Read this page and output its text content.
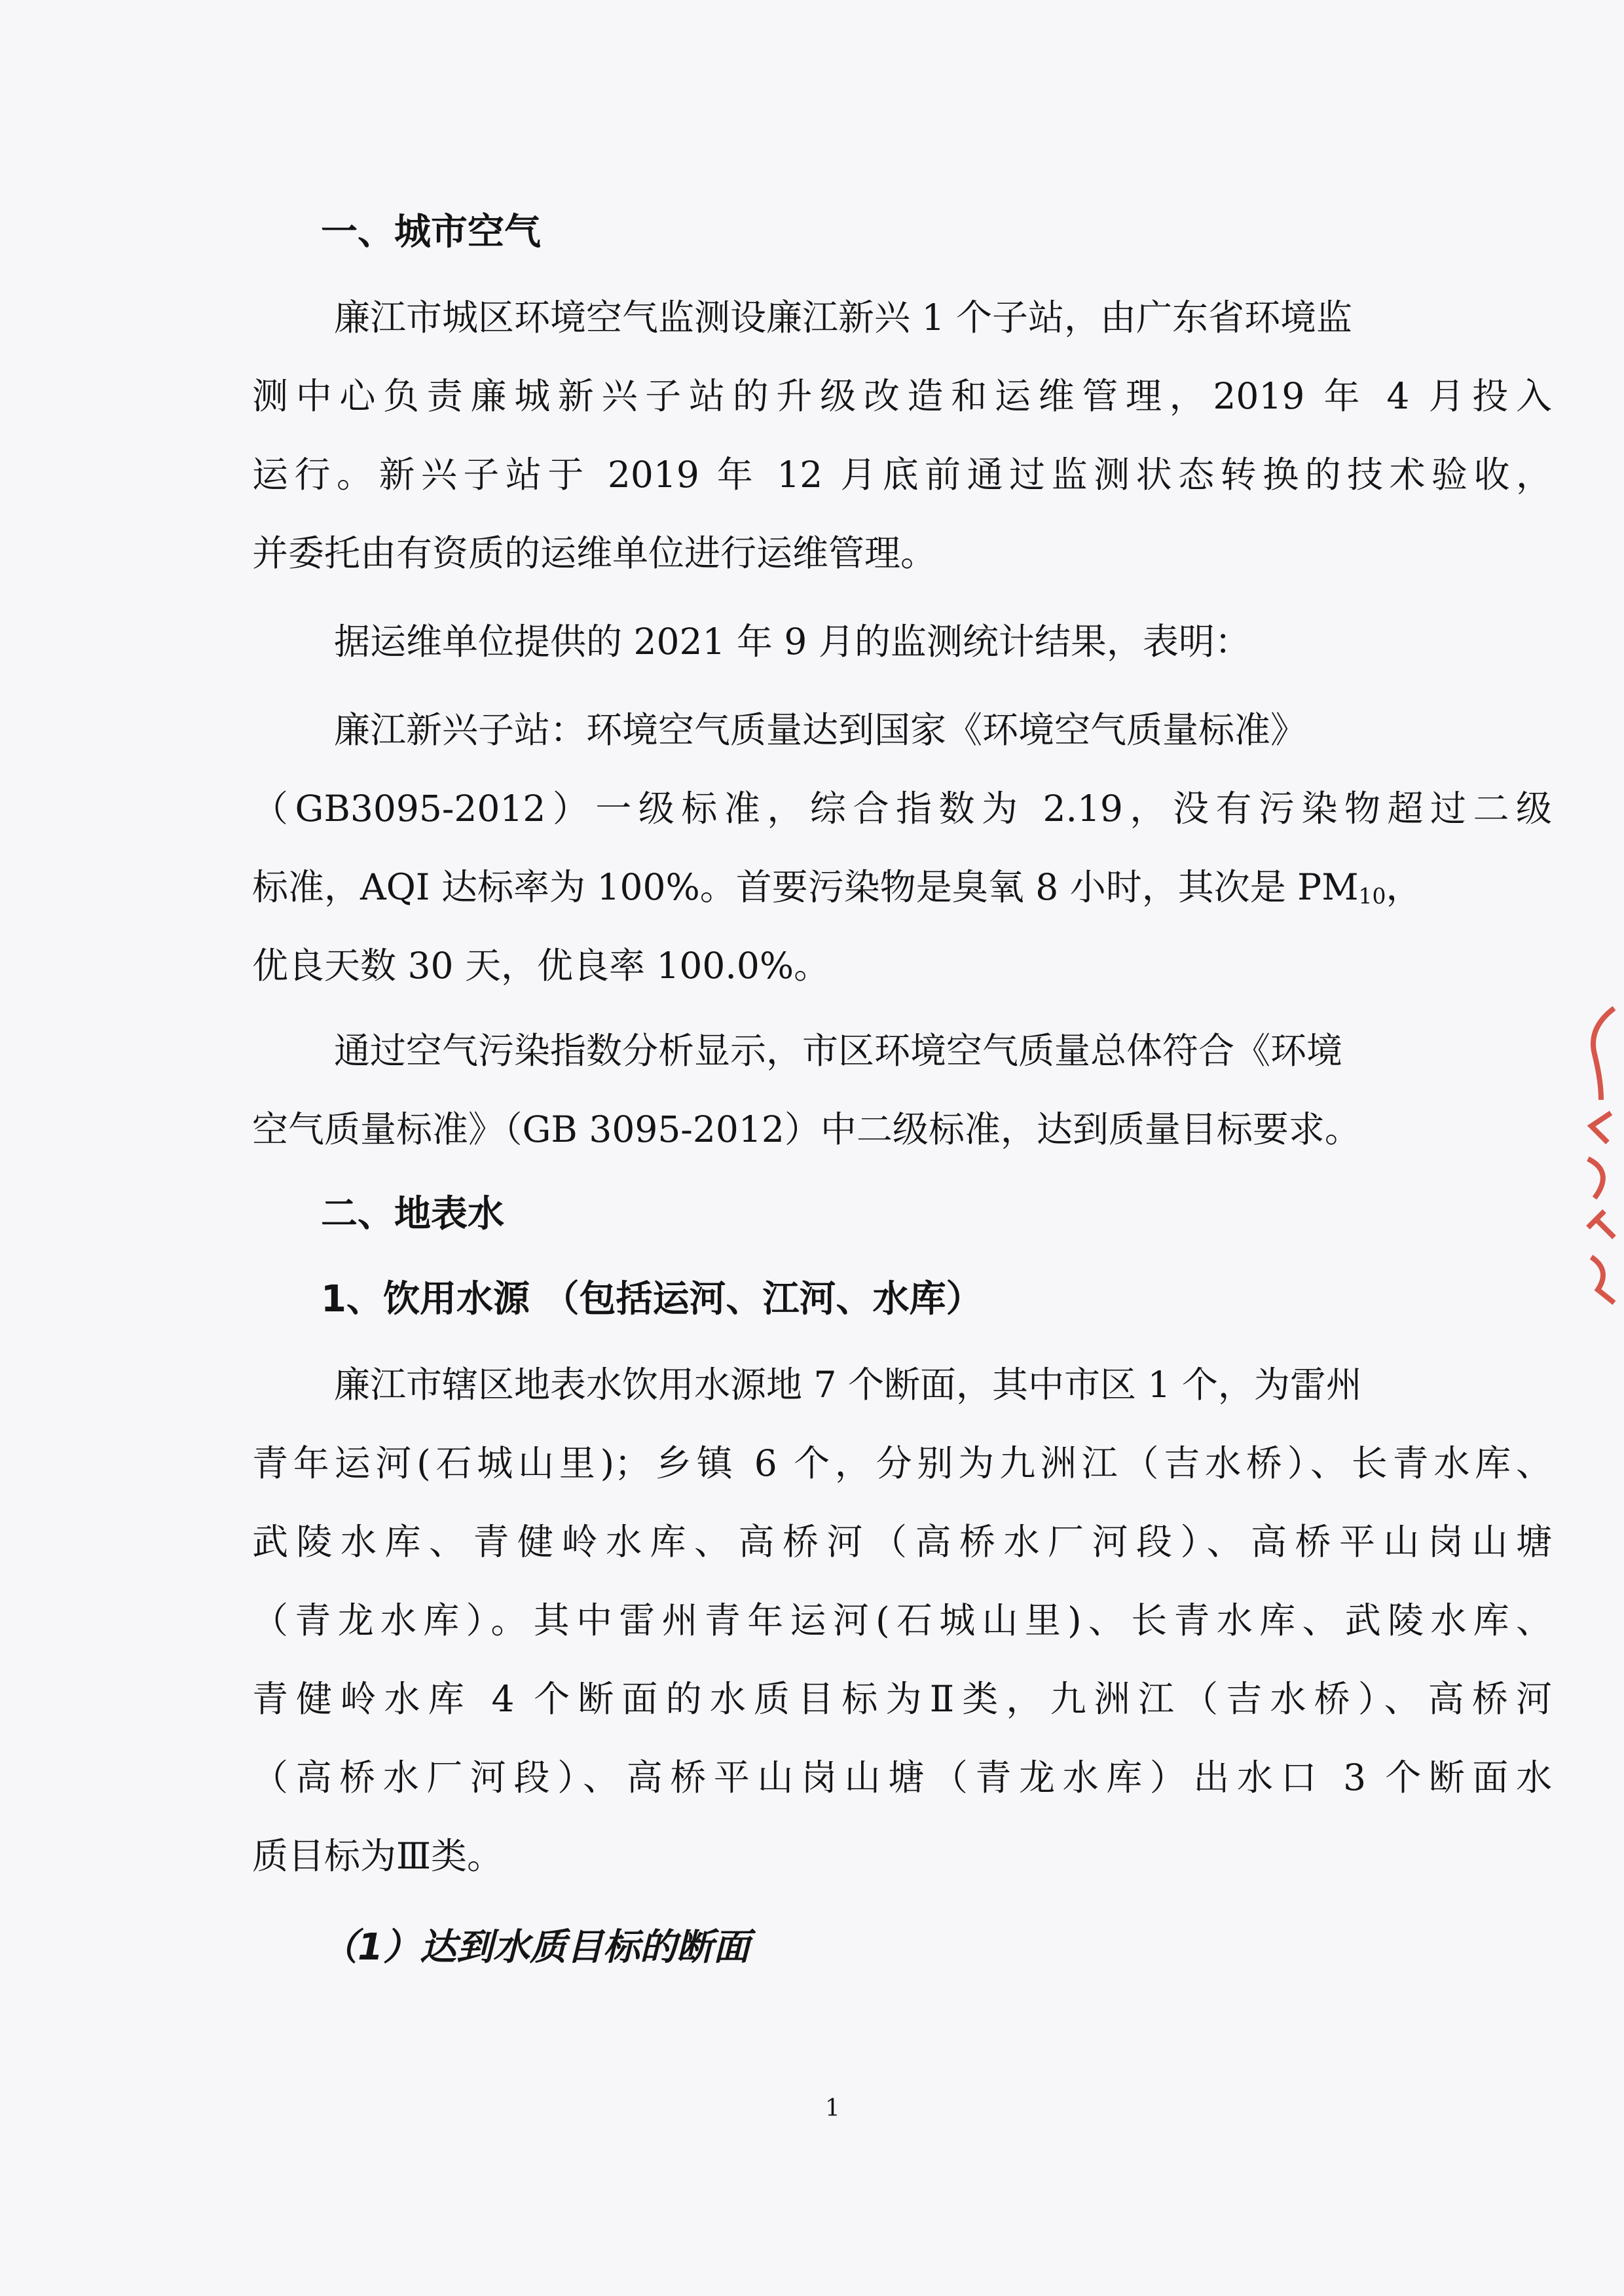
一、城市空气
廉江市城区环境空气监测设廉江新兴 1 个子站，由广东省环境监
测中心负责廉城新兴子站的升级改造和运维管理，2019 年 4 月投入
运行。新兴子站于 2019 年 12 月底前通过监测状态转换的技术验收，
并委托由有资质的运维单位进行运维管理。
据运维单位提供的 2021 年 9 月的监测统计结果，表明：
廉江新兴子站：环境空气质量达到国家《环境空气质量标准》
（GB3095-2012）一级标准，综合指数为 2.19，没有污染物超过二级
标准，AQI 达标率为 100%。首要污染物是臭氧 8 小时，其次是 $PM_{10}$，
优良天数 30 天，优良率 100.0%。
通过空气污染指数分析显示，市区环境空气质量总体符合《环境
空气质量标准》（GB 3095-2012）中二级标准，达到质量目标要求。
二、地表水
1、饮用水源 （包括运河、江河、水库）
廉江市辖区地表水饮用水源地 7 个断面，其中市区 1 个，为雷州
青年运河(石城山里)；乡镇 6 个，分别为九洲江（吉水桥）、长青水库、
武陵水库、青健岭水库、高桥河（高桥水厂河段）、高桥平山岗山塘
（青龙水库）。其中雷州青年运河(石城山里)、长青水库、武陵水库、
青健岭水库 4 个断面的水质目标为Ⅱ类，九洲江（吉水桥）、高桥河
（高桥水厂河段）、高桥平山岗山塘（青龙水库）出水口 3 个断面水
质目标为Ⅲ类。
（1）达到水质目标的断面
1
